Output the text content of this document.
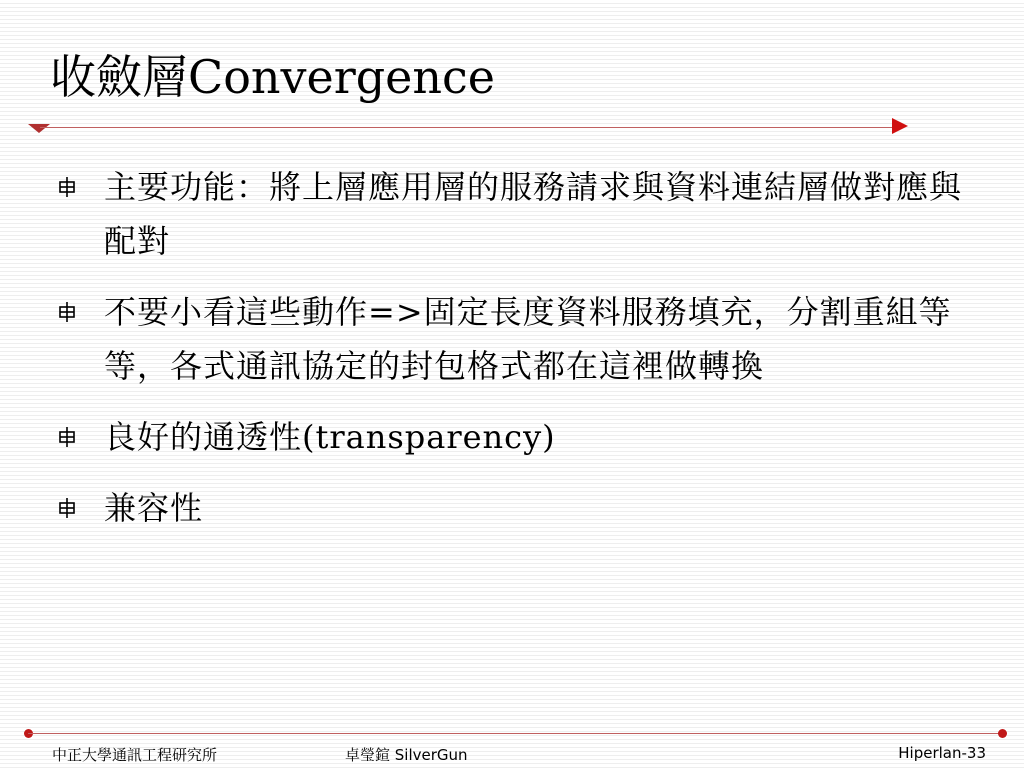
收斂層Convergence
主要功能：將上層應用層的服務請求與資料連結層做對應與配對
不要小看這些動作=>固定長度資料服務填充，分割重組等等，各式通訊協定的封包格式都在這裡做轉換
良好的通透性(transparency)
兼容性
中正大學通訊工程研究所	卓瑩鍹 SilverGun	Hiperlan-33
